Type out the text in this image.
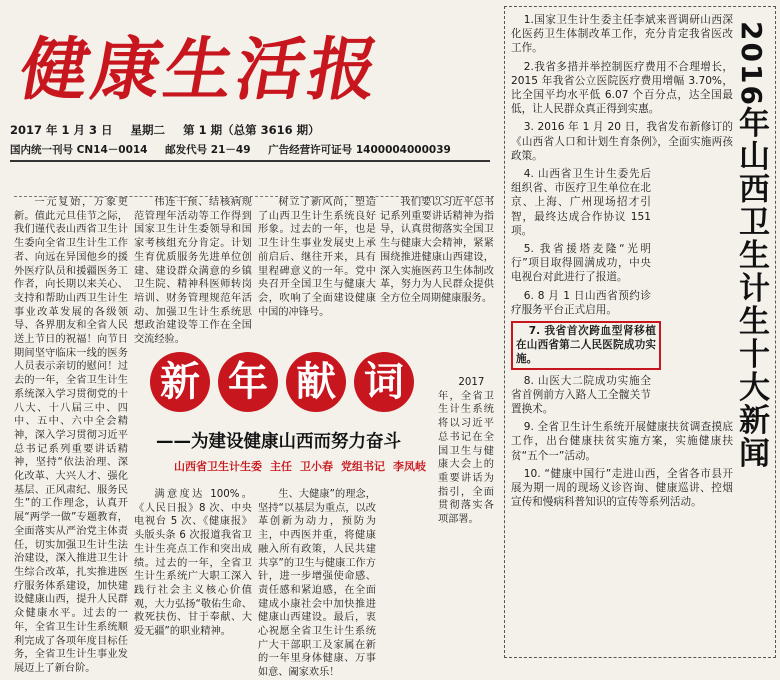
健康生活报
2017 年 1 月 3 日 星期二 第 1 期（总第 3616 期）
国内统一刊号 CN14－0014 邮发代号 21－49 广告经营许可证号 1400004000039
2016年山西卫生计生十大新闻

1.国家卫生计生委主任李斌来晋调研山西深化医药卫生体制改革工作，充分肯定我省医改工作。

2.我省多措并举控制医疗费用不合理增长，2015 年我省公立医院医疗费用增幅 3.70%，比全国平均水平低 6.07 个百分点，达全国最低，让人民群众真正得到实惠。

3. 2016 年 1 月 20 日，我省发布新修订的《山西省人口和计划生育条例》，全面实施两孩政策。

4. 山西省卫生计生委先后组织省、市医疗卫生单位在北京、上海、广州现场招才引智，最终达成合作协议 151 项。

5. 我省援塔麦隆“光明行”项目取得圆满成功，中央电视台对此进行了报道。

6. 8 月 1 日山西省预约诊疗服务平台正式启用。

7. 我省首次跨血型肾移植在山西省第二人民医院成功实施。

8. 山医大二院成功实施全省首例前方入路人工全髋关节置换术。

9. 全省卫生计生系统开展健康扶贫调查摸底工作，出台健康扶贫实施方案，实施健康扶贫“五个一”活动。

10. “健康中国行”走进山西，全省各市县开展为期一周的现场义诊咨询、健康巡讲、控烟宣传和慢病科普知识的宣传等系列活动。

一元复始，万象更新。值此元旦佳节之际，我们谨代表山西省卫生计生委向全省卫生计生工作者、向远在异国他乡的援外医疗队员和援疆医务工作者，向长期以来关心、支持和帮助山西卫生计生事业改革发展的各级领导、各界朋友和全省人民送上节日的祝福！向节日期间坚守临床一线的医务人员表示亲切的慰问！过去的一年，全省卫生计生系统深入学习贯彻党的十八大、十八届三中、四中、五中、六中全会精神，深入学习贯彻习近平总书记系列重要讲话精神，坚持“依法治理、深化改革、大兴人才、强化基层、正风肃纪、服务民生”的工作理念，认真开展“两学一做”专题教育，全面落实从严治党主体责任，切实加强卫生计生法治建设，深入推进卫生计生综合改革，扎实推进医疗服务体系建设，加快建设健康山西，提升人民群众健康水平。过去的一年，全省卫生计生系统顺利完成了各项年度目标任务，全省卫生计生事业发展迈上了新台阶。

伟连干预、结核病规范管理年活动等工作得到国家卫生计生委领导和国家考核组充分肯定。计划生育优质服务先进单位创建、建设群众满意的乡镇卫生院、精神科医师转岗培训、财务管理规范年活动、加强卫生计生系统思想政治建设等工作在全国交流经验。

树立了新风尚，塑造了山西卫生计生系统良好形象。过去的一年，也是卫生计生事业发展史上承前启后、继往开来，具有里程碑意义的一年。党中央召开全国卫生与健康大会，吹响了全面建设健康中国的冲锋号。

我们要以习近平总书记系列重要讲话精神为指导，认真贯彻落实全国卫生与健康大会精神，紧紧围绕推进健康山西建设，深入实施医药卫生体制改革，努力为人民群众提供全方位全周期健康服务。

2017 年，全省卫生计生系统将以习近平总书记在全国卫生与健康大会上的重要讲话为指引，全面贯彻落实各项部署。

满意度达 100%。《人民日报》8 次、中央电视台 5 次、《健康报》头版头条 6 次报道我省卫生计生亮点工作和突出成绩。过去的一年，全省卫生计生系统广大职工深入践行社会主义核心价值观，大力弘扬“敬佑生命、救死扶伤、甘于奉献、大爱无疆”的职业精神。

生、大健康”的理念，坚持“以基层为重点，以改革创新为动力，预防为主，中西医并重，将健康融入所有政策，人民共建共享”的卫生与健康工作方针，进一步增强使命感、责任感和紧迫感，在全面建成小康社会中加快推进健康山西建设。最后，衷心祝愿全省卫生计生系统广大干部职工及家属在新的一年里身体健康、万事如意、阖家欢乐！

新 年 献 词
——为建设健康山西而努力奋斗
山西省卫生计生委 主任 卫小春 党组书记 李凤岐
